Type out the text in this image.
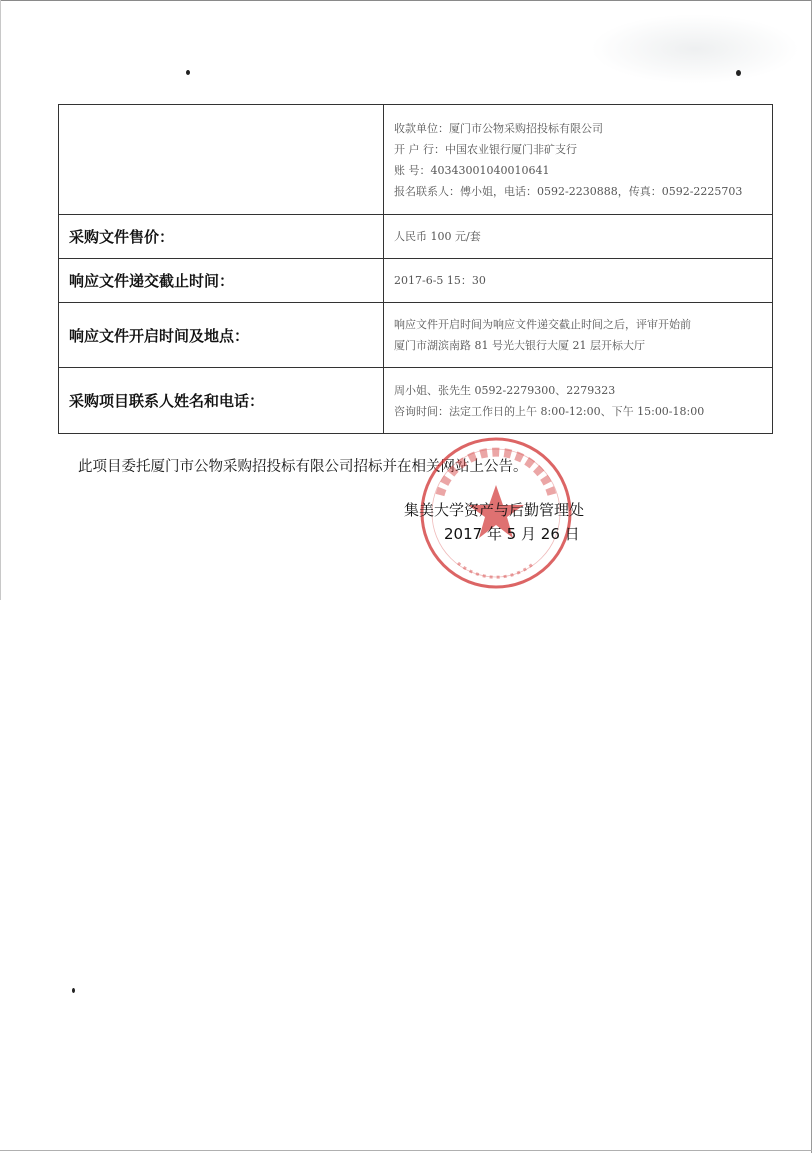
	收款单位：厦门市公物采购招投标有限公司
开 户 行：中国农业银行厦门非矿支行
账 号：40343001040010641
报名联系人：傅小姐，电话：0592-2230888，传真：0592-2225703

采购文件售价：	人民币 100 元/套
响应文件递交截止时间：	2017-6-5 15：30
响应文件开启时间及地点：	响应文件开启时间为响应文件递交截止时间之后，评审开始前
厦门市湖滨南路 81 号光大银行大厦 21 层开标大厅

采购项目联系人姓名和电话：	周小姐、张先生 0592-2279300、2279323
咨询时间：法定工作日的上午 8:00-12:00、下午 15:00-18:00
此项目委托厦门市公物采购招投标有限公司招标并在相关网站上公告。
集美大学资产与后勤管理处
2017 年 5 月 26 日
